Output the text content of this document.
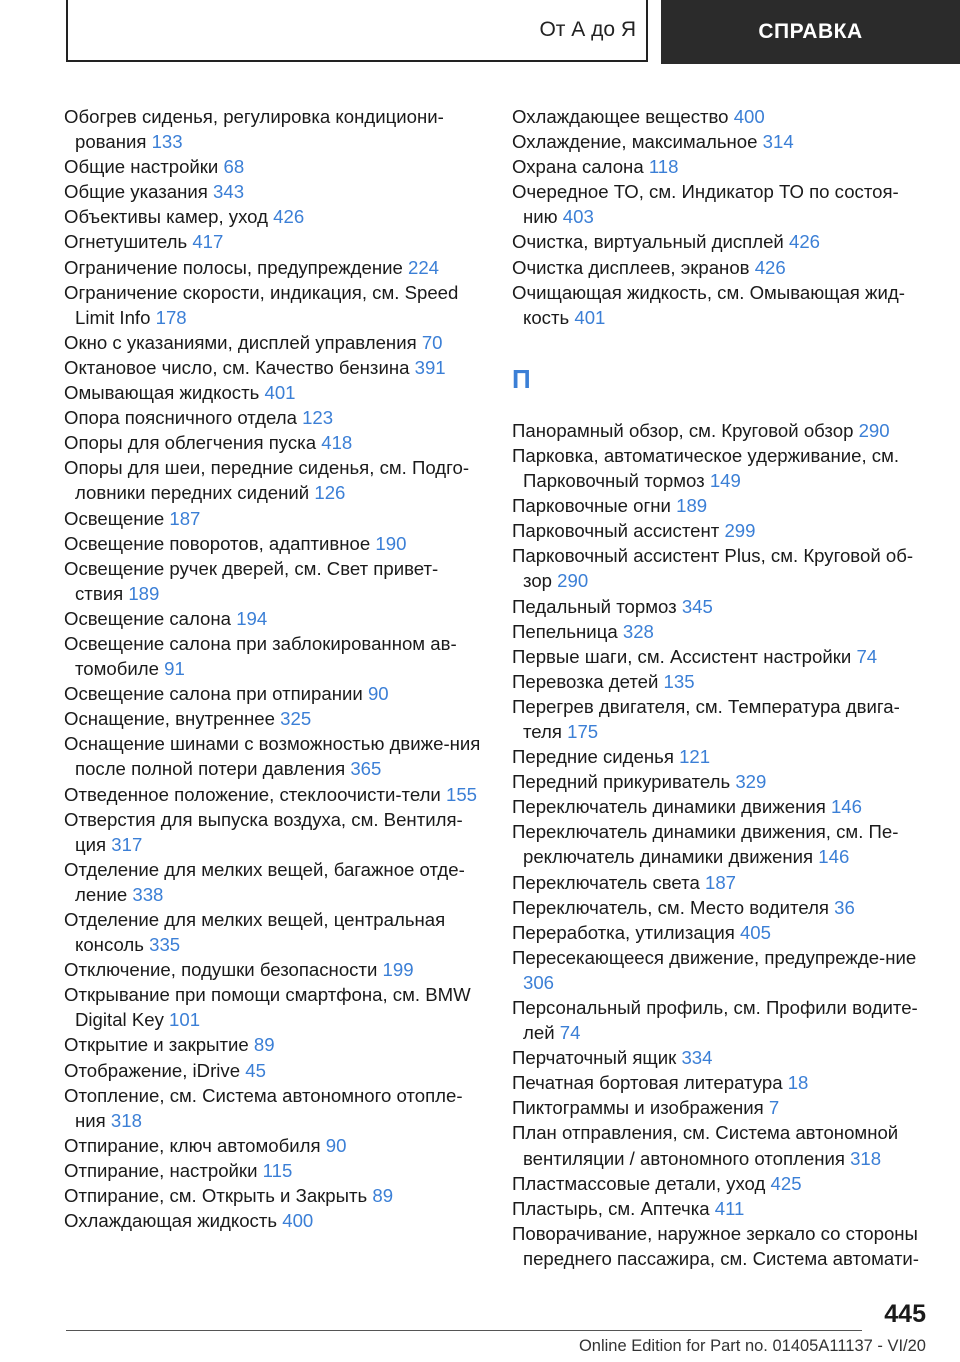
От А до Я	СПРАВКА
Обогрев сиденья, регулировка кондициони-рования 133
Общие настройки 68
Общие указания 343
Объективы камер, уход 426
Огнетушитель 417
Ограничение полосы, предупреждение 224
Ограничение скорости, индикация, см. Speed Limit Info 178
Окно с указаниями, дисплей управления 70
Октановое число, см. Качество бензина 391
Омывающая жидкость 401
Опора поясничного отдела 123
Опоры для облегчения пуска 418
Опоры для шеи, передние сиденья, см. Подго-ловники передних сидений 126
Освещение 187
Освещение поворотов, адаптивное 190
Освещение ручек дверей, см. Свет привет-ствия 189
Освещение салона 194
Освещение салона при заблокированном ав-томобиле 91
Освещение салона при отпирании 90
Оснащение, внутреннее 325
Оснащение шинами с возможностью движе-ния после полной потери давления 365
Отведенное положение, стеклоочисти-тели 155
Отверстия для выпуска воздуха, см. Вентиля-ция 317
Отделение для мелких вещей, багажное отде-ление 338
Отделение для мелких вещей, центральная консоль 335
Отключение, подушки безопасности 199
Открывание при помощи смартфона, см. BMW Digital Key 101
Открытие и закрытие 89
Отображение, iDrive 45
Отопление, см. Система автономного отопле-ния 318
Отпирание, ключ автомобиля 90
Отпирание, настройки 115
Отпирание, см. Открыть и Закрыть 89
Охлаждающая жидкость 400
Охлаждающее вещество 400
Охлаждение, максимальное 314
Охрана салона 118
Очередное ТО, см. Индикатор ТО по состоя-нию 403
Очистка, виртуальный дисплей 426
Очистка дисплеев, экранов 426
Очищающая жидкость, см. Омывающая жид-кость 401
П
Панорамный обзор, см. Круговой обзор 290
Парковка, автоматическое удерживание, см. Парковочный тормоз 149
Парковочные огни 189
Парковочный ассистент 299
Парковочный ассистент Plus, см. Круговой об-зор 290
Педальный тормоз 345
Пепельница 328
Первые шаги, см. Ассистент настройки 74
Перевозка детей 135
Перегрев двигателя, см. Температура двига-теля 175
Передние сиденья 121
Передний прикуриватель 329
Переключатель динамики движения 146
Переключатель динамики движения, см. Пе-реключатель динамики движения 146
Переключатель света 187
Переключатель, см. Место водителя 36
Переработка, утилизация 405
Пересекающееся движение, предупрежде-ние 306
Персональный профиль, см. Профили водите-лей 74
Перчаточный ящик 334
Печатная бортовая литература 18
Пиктограммы и изображения 7
План отправления, см. Система автономной вентиляции / автономного отопления 318
Пластмассовые детали, уход 425
Пластырь, см. Аптечка 411
Поворачивание, наружное зеркало со стороны переднего пассажира, см. Система автомати-
445
Online Edition for Part no. 01405A11137 - VI/20
